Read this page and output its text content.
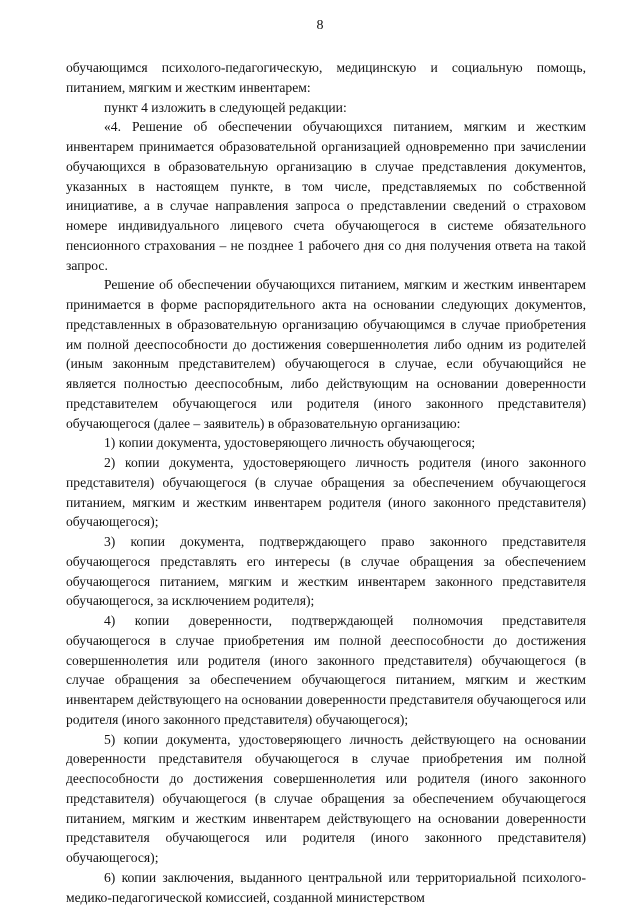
8

обучающимся психолого-педагогическую, медицинскую и социальную помощь, питанием, мягким и жестким инвентарем:

пункт 4 изложить в следующей редакции:

«4. Решение об обеспечении обучающихся питанием, мягким и жестким инвентарем принимается образовательной организацией одновременно при зачислении обучающихся в образовательную организацию в случае представления документов, указанных в настоящем пункте, в том числе, представляемых по собственной инициативе, а в случае направления запроса о представлении сведений о страховом номере индивидуального лицевого счета обучающегося в системе обязательного пенсионного страхования – не позднее 1 рабочего дня со дня получения ответа на такой запрос.

Решение об обеспечении обучающихся питанием, мягким и жестким инвентарем принимается в форме распорядительного акта на основании следующих документов, представленных в образовательную организацию обучающимся в случае приобретения им полной дееспособности до достижения совершеннолетия либо одним из родителей (иным законным представителем) обучающегося в случае, если обучающийся не является полностью дееспособным, либо действующим на основании доверенности представителем обучающегося или родителя (иного законного представителя) обучающегося (далее – заявитель) в образовательную организацию:

1) копии документа, удостоверяющего личность обучающегося;

2) копии документа, удостоверяющего личность родителя (иного законного представителя) обучающегося (в случае обращения за обеспечением обучающегося питанием, мягким и жестким инвентарем родителя (иного законного представителя) обучающегося);

3) копии документа, подтверждающего право законного представителя обучающегося представлять его интересы (в случае обращения за обеспечением обучающегося питанием, мягким и жестким инвентарем законного представителя обучающегося, за исключением родителя);

4) копии доверенности, подтверждающей полномочия представителя обучающегося в случае приобретения им полной дееспособности до достижения совершеннолетия или родителя (иного законного представителя) обучающегося (в случае обращения за обеспечением обучающегося питанием, мягким и жестким инвентарем действующего на основании доверенности представителя обучающегося или родителя (иного законного представителя) обучающегося);

5) копии документа, удостоверяющего личность действующего на основании доверенности представителя обучающегося в случае приобретения им полной дееспособности до достижения совершеннолетия или родителя (иного законного представителя) обучающегося (в случае обращения за обеспечением обучающегося питанием, мягким и жестким инвентарем действующего на основании доверенности представителя обучающегося или родителя (иного законного представителя) обучающегося);

6) копии заключения, выданного центральной или территориальной психолого-медико-педагогической комиссией, созданной министерством
